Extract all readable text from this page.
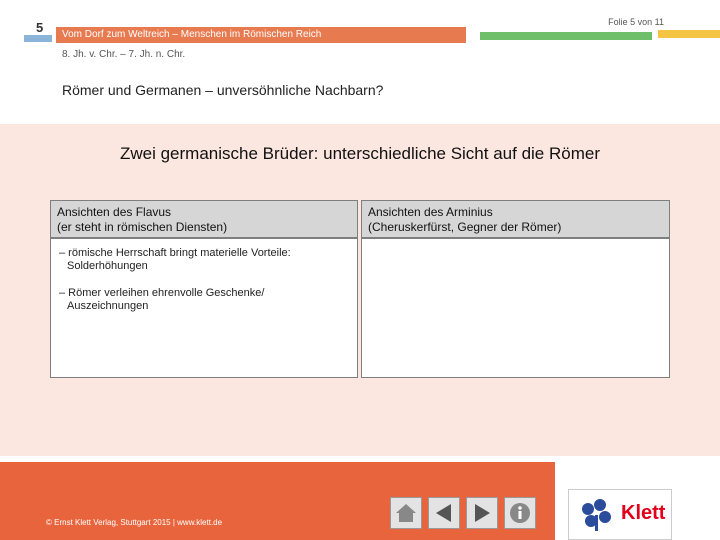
5 Vom Dorf zum Weltreich – Menschen im Römischen Reich
Folie 5 von 11
8. Jh. v. Chr. – 7. Jh. n. Chr.
Römer und Germanen – unversöhnliche Nachbarn?
Zwei germanische Brüder: unterschiedliche Sicht auf die Römer
Ansichten des Flavus
(er steht in römischen Diensten)
Ansichten des Arminius
(Cheruskerfürst, Gegner der Römer)

– römische Herrschaft bringt materielle Vorteile:
Solderhöhungen

– Römer verleihen ehrenvolle Geschenke/
Auszeichnungen

© Ernst Klett Verlag, Stuttgart 2015 | www.klett.de	Klett
